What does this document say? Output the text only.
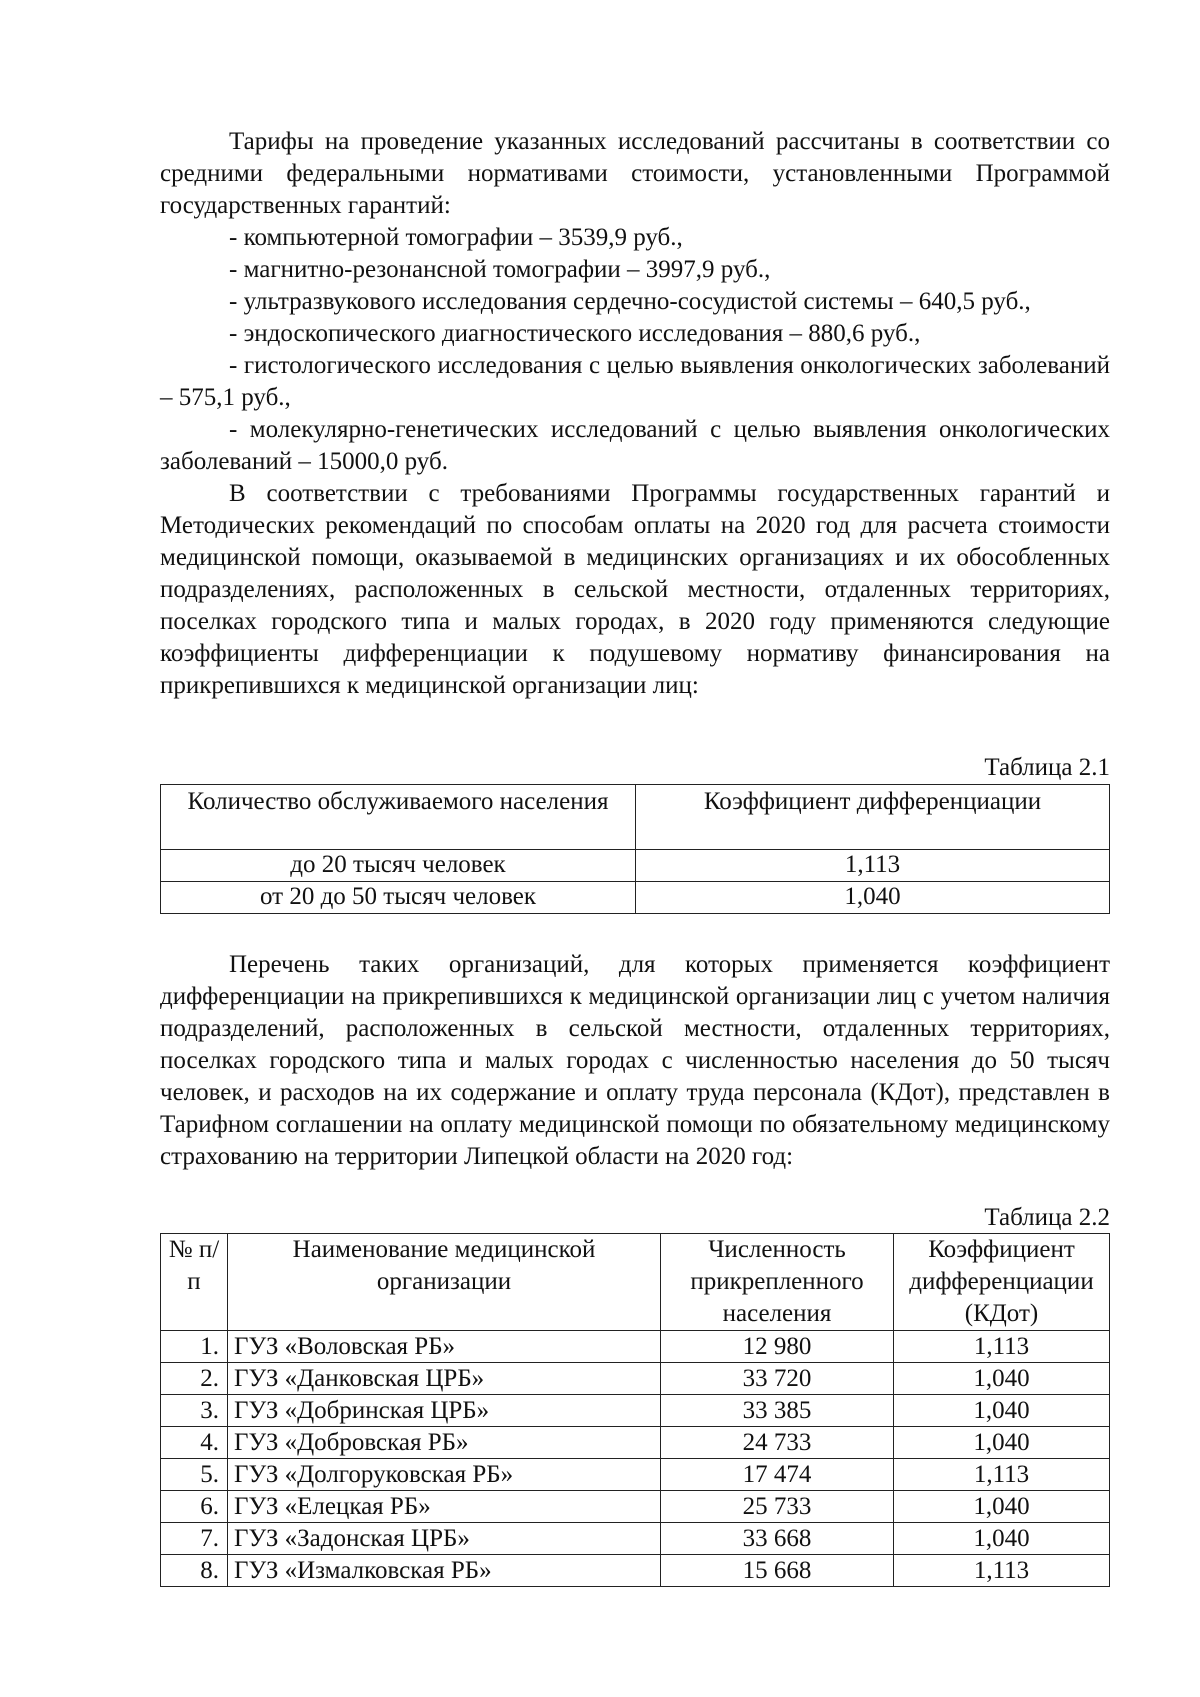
Тарифы на проведение указанных исследований рассчитаны в соответствии со средними федеральными нормативами стоимости, установленными Программой государственных гарантий:

- компьютерной томографии – 3539,9 руб.,

- магнитно-резонансной томографии – 3997,9 руб.,

- ультразвукового исследования сердечно-сосудистой системы – 640,5 руб.,

- эндоскопического диагностического исследования – 880,6 руб.,

- гистологического исследования с целью выявления онкологических заболеваний – 575,1 руб.,

- молекулярно-генетических исследований с целью выявления онкологических заболеваний – 15000,0 руб.

В соответствии с требованиями Программы государственных гарантий и Методических рекомендаций по способам оплаты на 2020 год для расчета стоимости медицинской помощи, оказываемой в медицинских организациях и их обособленных подразделениях, расположенных в сельской местности, отдаленных территориях, поселках городского типа и малых городах, в 2020 году применяются следующие коэффициенты дифференциации к подушевому нормативу финансирования на прикрепившихся к медицинской организации лиц:

Таблица 2.1
Количество обслуживаемого населения	Коэффициент дифференциации
до 20 тысяч человек	1,113
от 20 до 50 тысяч человек	1,040

Перечень таких организаций, для которых применяется коэффициент дифференциации на прикрепившихся к медицинской организации лиц с учетом наличия подразделений, расположенных в сельской местности, отдаленных территориях, поселках городского типа и малых городах с численностью населения до 50 тысяч человек, и расходов на их содержание и оплату труда персонала (КДот), представлен в Тарифном соглашении на оплату медицинской помощи по обязательному медицинскому страхованию на территории Липецкой области на 2020 год:

Таблица 2.2
№ п/п	Наименование медицинской организации	Численность прикрепленного населения	Коэффициент дифференциации (КДот)
1.	ГУЗ «Воловская РБ»	12 980	1,113
2.	ГУЗ «Данковская ЦРБ»	33 720	1,040
3.	ГУЗ «Добринская ЦРБ»	33 385	1,040
4.	ГУЗ «Добровская РБ»	24 733	1,040
5.	ГУЗ «Долгоруковская РБ»	17 474	1,113
6.	ГУЗ «Елецкая РБ»	25 733	1,040
7.	ГУЗ «Задонская ЦРБ»	33 668	1,040
8.	ГУЗ «Измалковская РБ»	15 668	1,113
